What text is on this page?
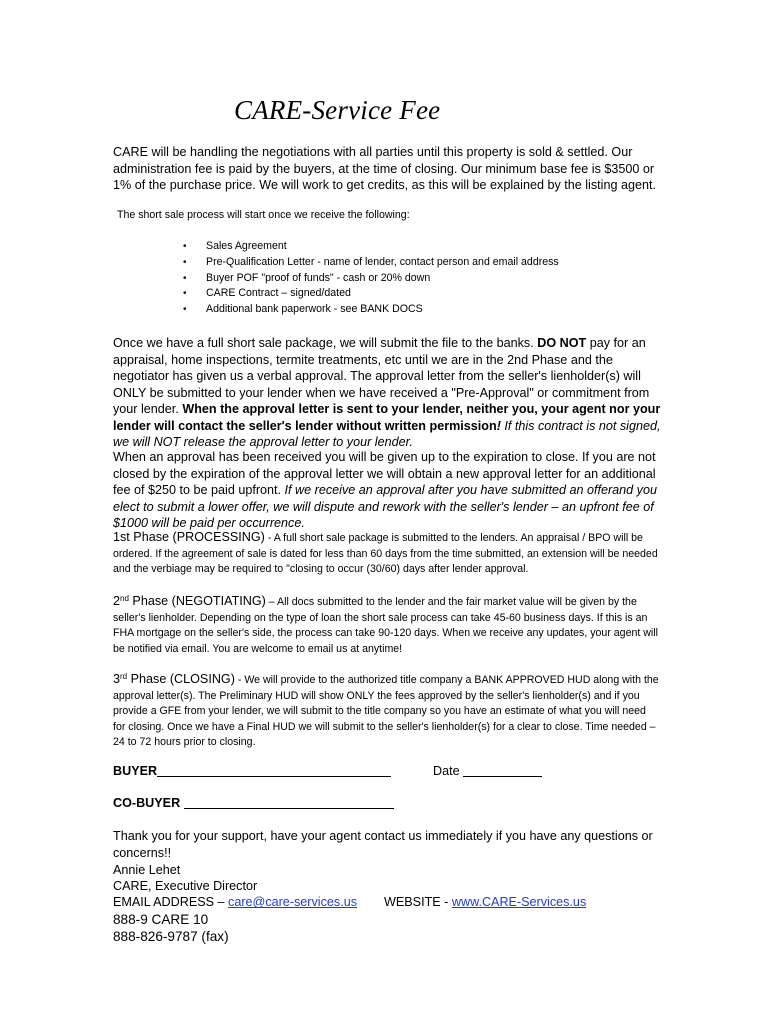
CARE-Service Fee
CARE will be handling the negotiations with all parties until this property is sold & settled. Our administration fee is paid by the buyers, at the time of closing. Our minimum base fee is $3500 or 1% of the purchase price. We will work to get credits, as this will be explained by the listing agent.
The short sale process will start once we receive the following:
• Sales Agreement
• Pre-Qualification Letter - name of lender, contact person and email address
• Buyer POF "proof of funds" - cash or 20% down
• CARE Contract – signed/dated
• Additional bank paperwork - see BANK DOCS
Once we have a full short sale package, we will submit the file to the banks. DO NOT pay for an appraisal, home inspections, termite treatments, etc until we are in the 2nd Phase and the negotiator has given us a verbal approval. The approval letter from the seller's lienholder(s) will ONLY be submitted to your lender when we have received a "Pre-Approval" or commitment from your lender. When the approval letter is sent to your lender, neither you, your agent nor your lender will contact the seller's lender without written permission! If this contract is not signed, we will NOT release the approval letter to your lender.
When an approval has been received you will be given up to the expiration to close. If you are not closed by the expiration of the approval letter we will obtain a new approval letter for an additional fee of $250 to be paid upfront. If we receive an approval after you have submitted an offerand you elect to submit a lower offer, we will dispute and rework with the seller's lender – an upfront fee of $1000 will be paid per occurrence.
1st Phase (PROCESSING) - A full short sale package is submitted to the lenders. An appraisal / BPO will be ordered. If the agreement of sale is dated for less than 60 days from the time submitted, an extension will be needed and the verbiage may be required to "closing to occur (30/60) days after lender approval.
2nd Phase (NEGOTIATING) – All docs submitted to the lender and the fair market value will be given by the seller's lienholder. Depending on the type of loan the short sale process can take 45-60 business days. If this is an FHA mortgage on the seller's side, the process can take 90-120 days. When we receive any updates, your agent will be notified via email. You are welcome to email us at anytime!
3rd Phase (CLOSING) - We will provide to the authorized title company a BANK APPROVED HUD along with the approval letter(s). The Preliminary HUD will show ONLY the fees approved by the seller's lienholder(s) and if you provide a GFE from your lender, we will submit to the title company so you have an estimate of what you will need for closing. Once we have a Final HUD we will submit to the seller's lienholder(s) for a clear to close. Time needed – 24 to 72 hours prior to closing.
BUYER	Date
CO-BUYER
Thank you for your support, have your agent contact us immediately if you have any questions or concerns!!
Annie Lehet
CARE, Executive Director
EMAIL ADDRESS – care@care-services.us WEBSITE - www.CARE-Services.us
888-9 CARE 10
888-826-9787 (fax)
